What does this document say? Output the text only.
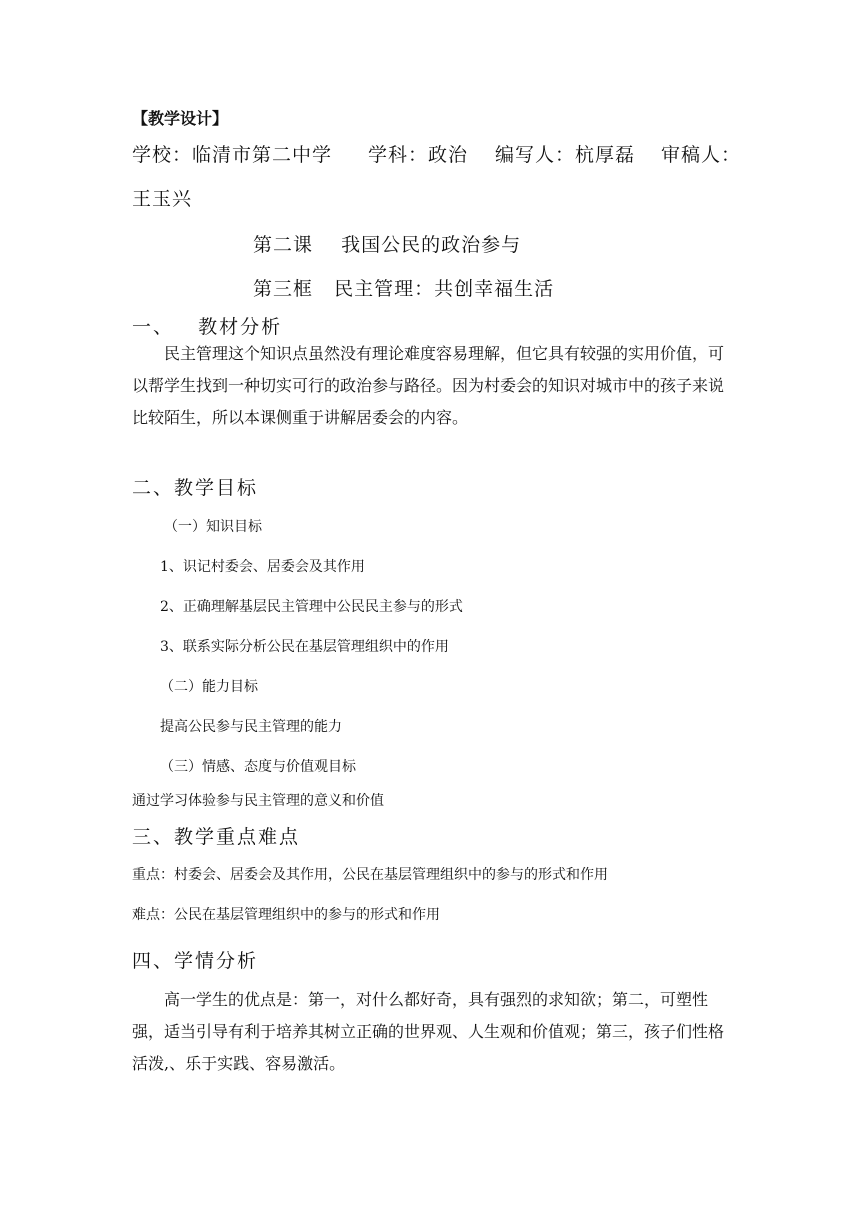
【教学设计】
学校：临清市第二中学 学科：政治 编写人：杭厚磊 审稿人：
王玉兴
第二课    我国公民的政治参与
第三框   民主管理：共创幸福生活
一、   教材分析
民主管理这个知识点虽然没有理论难度容易理解，但它具有较强的实用价值，可以帮学生找到一种切实可行的政治参与路径。因为村委会的知识对城市中的孩子来说比较陌生，所以本课侧重于讲解居委会的内容。
二、教学目标
（一）知识目标
1、识记村委会、居委会及其作用
2、正确理解基层民主管理中公民民主参与的形式
3、联系实际分析公民在基层管理组织中的作用
（二）能力目标
提高公民参与民主管理的能力
（三）情感、态度与价值观目标
通过学习体验参与民主管理的意义和价值
三、教学重点难点
重点：村委会、居委会及其作用，公民在基层管理组织中的参与的形式和作用
难点：公民在基层管理组织中的参与的形式和作用
四、学情分析
高一学生的优点是：第一，对什么都好奇，具有强烈的求知欲；第二，可塑性强，适当引导有利于培养其树立正确的世界观、人生观和价值观；第三，孩子们性格活泼,、乐于实践、容易激活。
